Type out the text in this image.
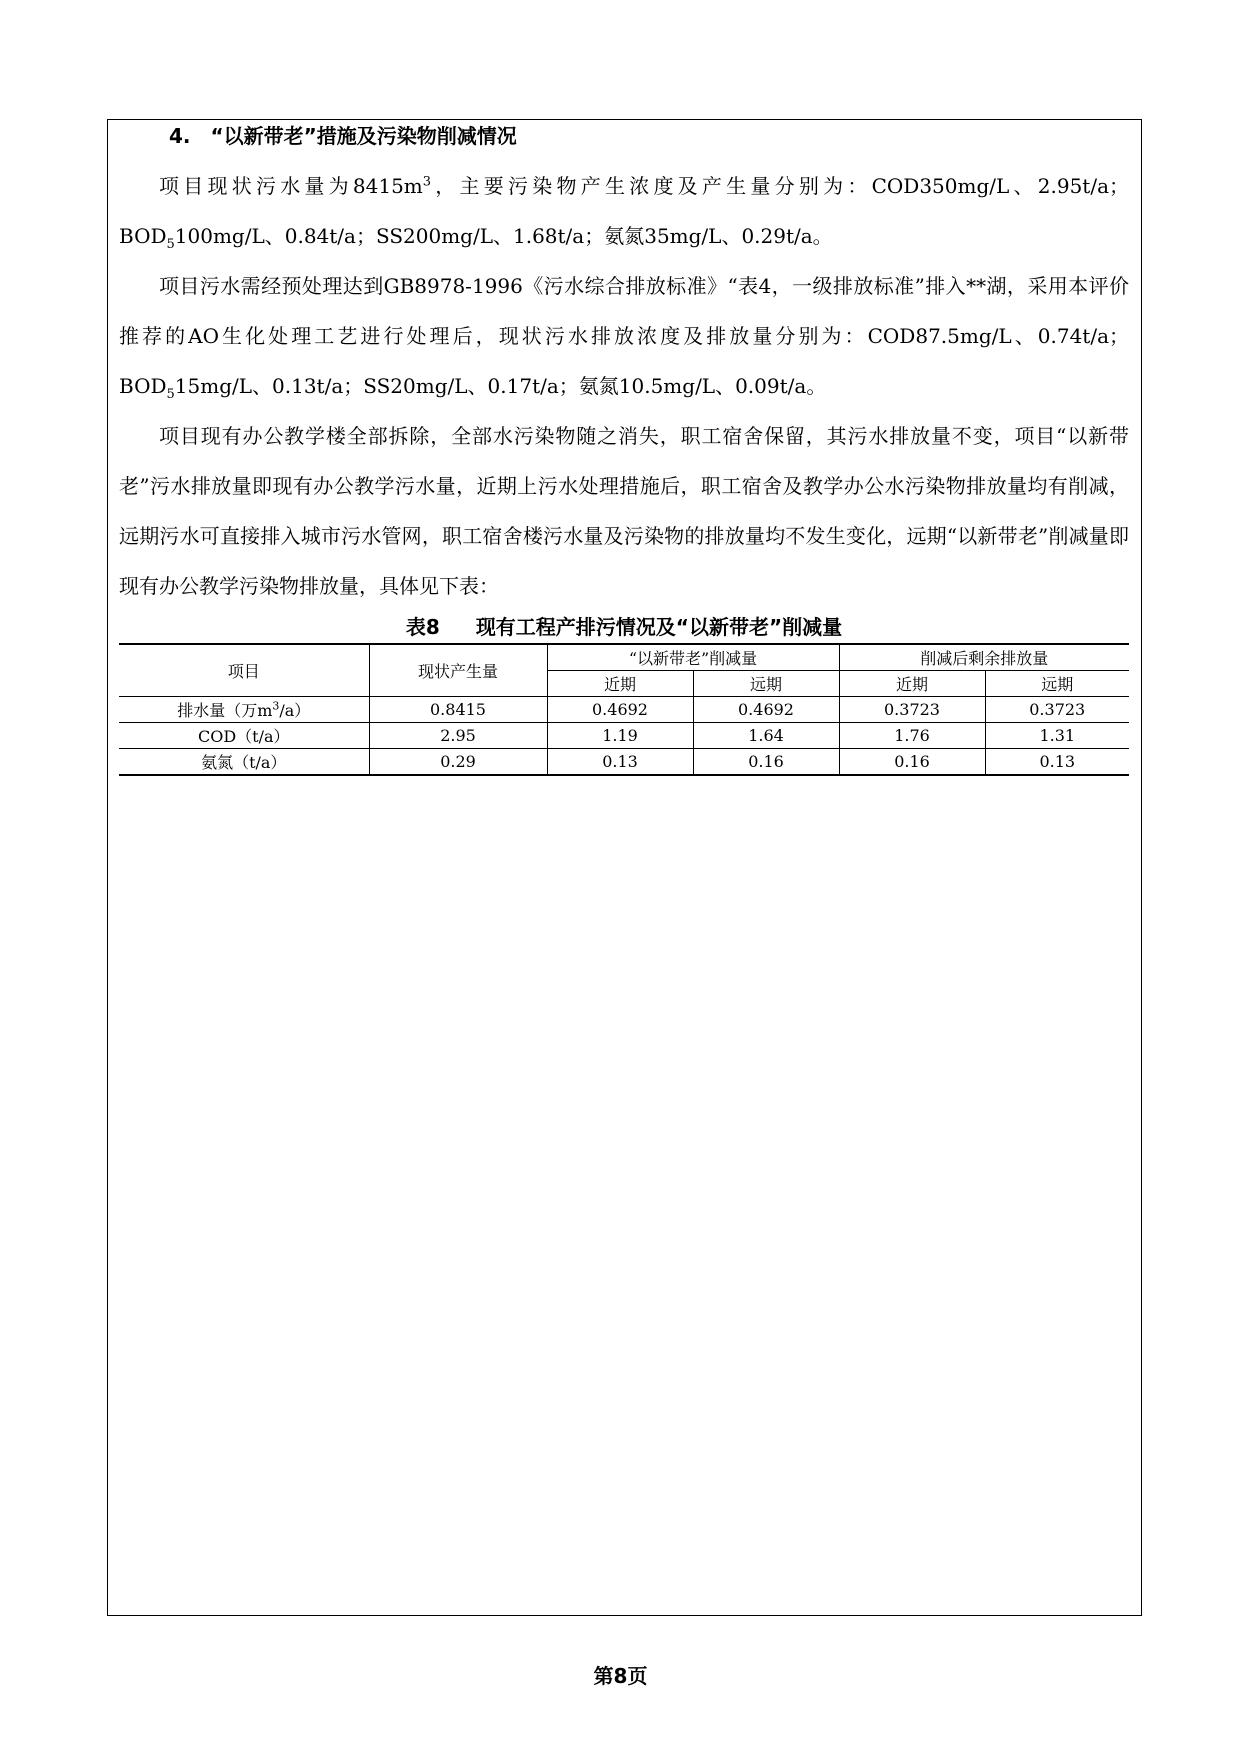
4.　“以新带老”措施及污染物削减情况

项目现状污水量为$8415m^3$，主要污染物产生浓度及产生量分别为：COD350mg/L、2.95t/a；$BOD_5100mg/L$、0.84t/a；SS200mg/L、1.68t/a；氨氮35mg/L、0.29t/a。

项目污水需经预处理达到GB8978-1996《污水综合排放标准》“表4，一级排放标准”排入**湖，采用本评价推荐的AO生化处理工艺进行处理后，现状污水排放浓度及排放量分别为：COD87.5mg/L、0.74t/a；$BOD_515mg/L$、0.13t/a；SS20mg/L、0.17t/a；氨氮10.5mg/L、0.09t/a。

项目现有办公教学楼全部拆除，全部水污染物随之消失，职工宿舍保留，其污水排放量不变，项目“以新带老”污水排放量即现有办公教学污水量，近期上污水处理措施后，职工宿舍及教学办公水污染物排放量均有削减，远期污水可直接排入城市污水管网，职工宿舍楼污水量及污染物的排放量均不发生变化，远期“以新带老”削减量即现有办公教学污染物排放量，具体见下表：

表8 现有工程产排污情况及“以新带老”削减量
项目	现状产生量	“以新带老”削减量		削减后剩余排放量	
		近期	远期	近期	远期
排水量（万$m^3/a$）	0.8415	0.4692	0.4692	0.3723	0.3723
COD（t/a）	2.95	1.19	1.64	1.76	1.31
氨氮（t/a）	0.29	0.13	0.16	0.16	0.13
第8页
